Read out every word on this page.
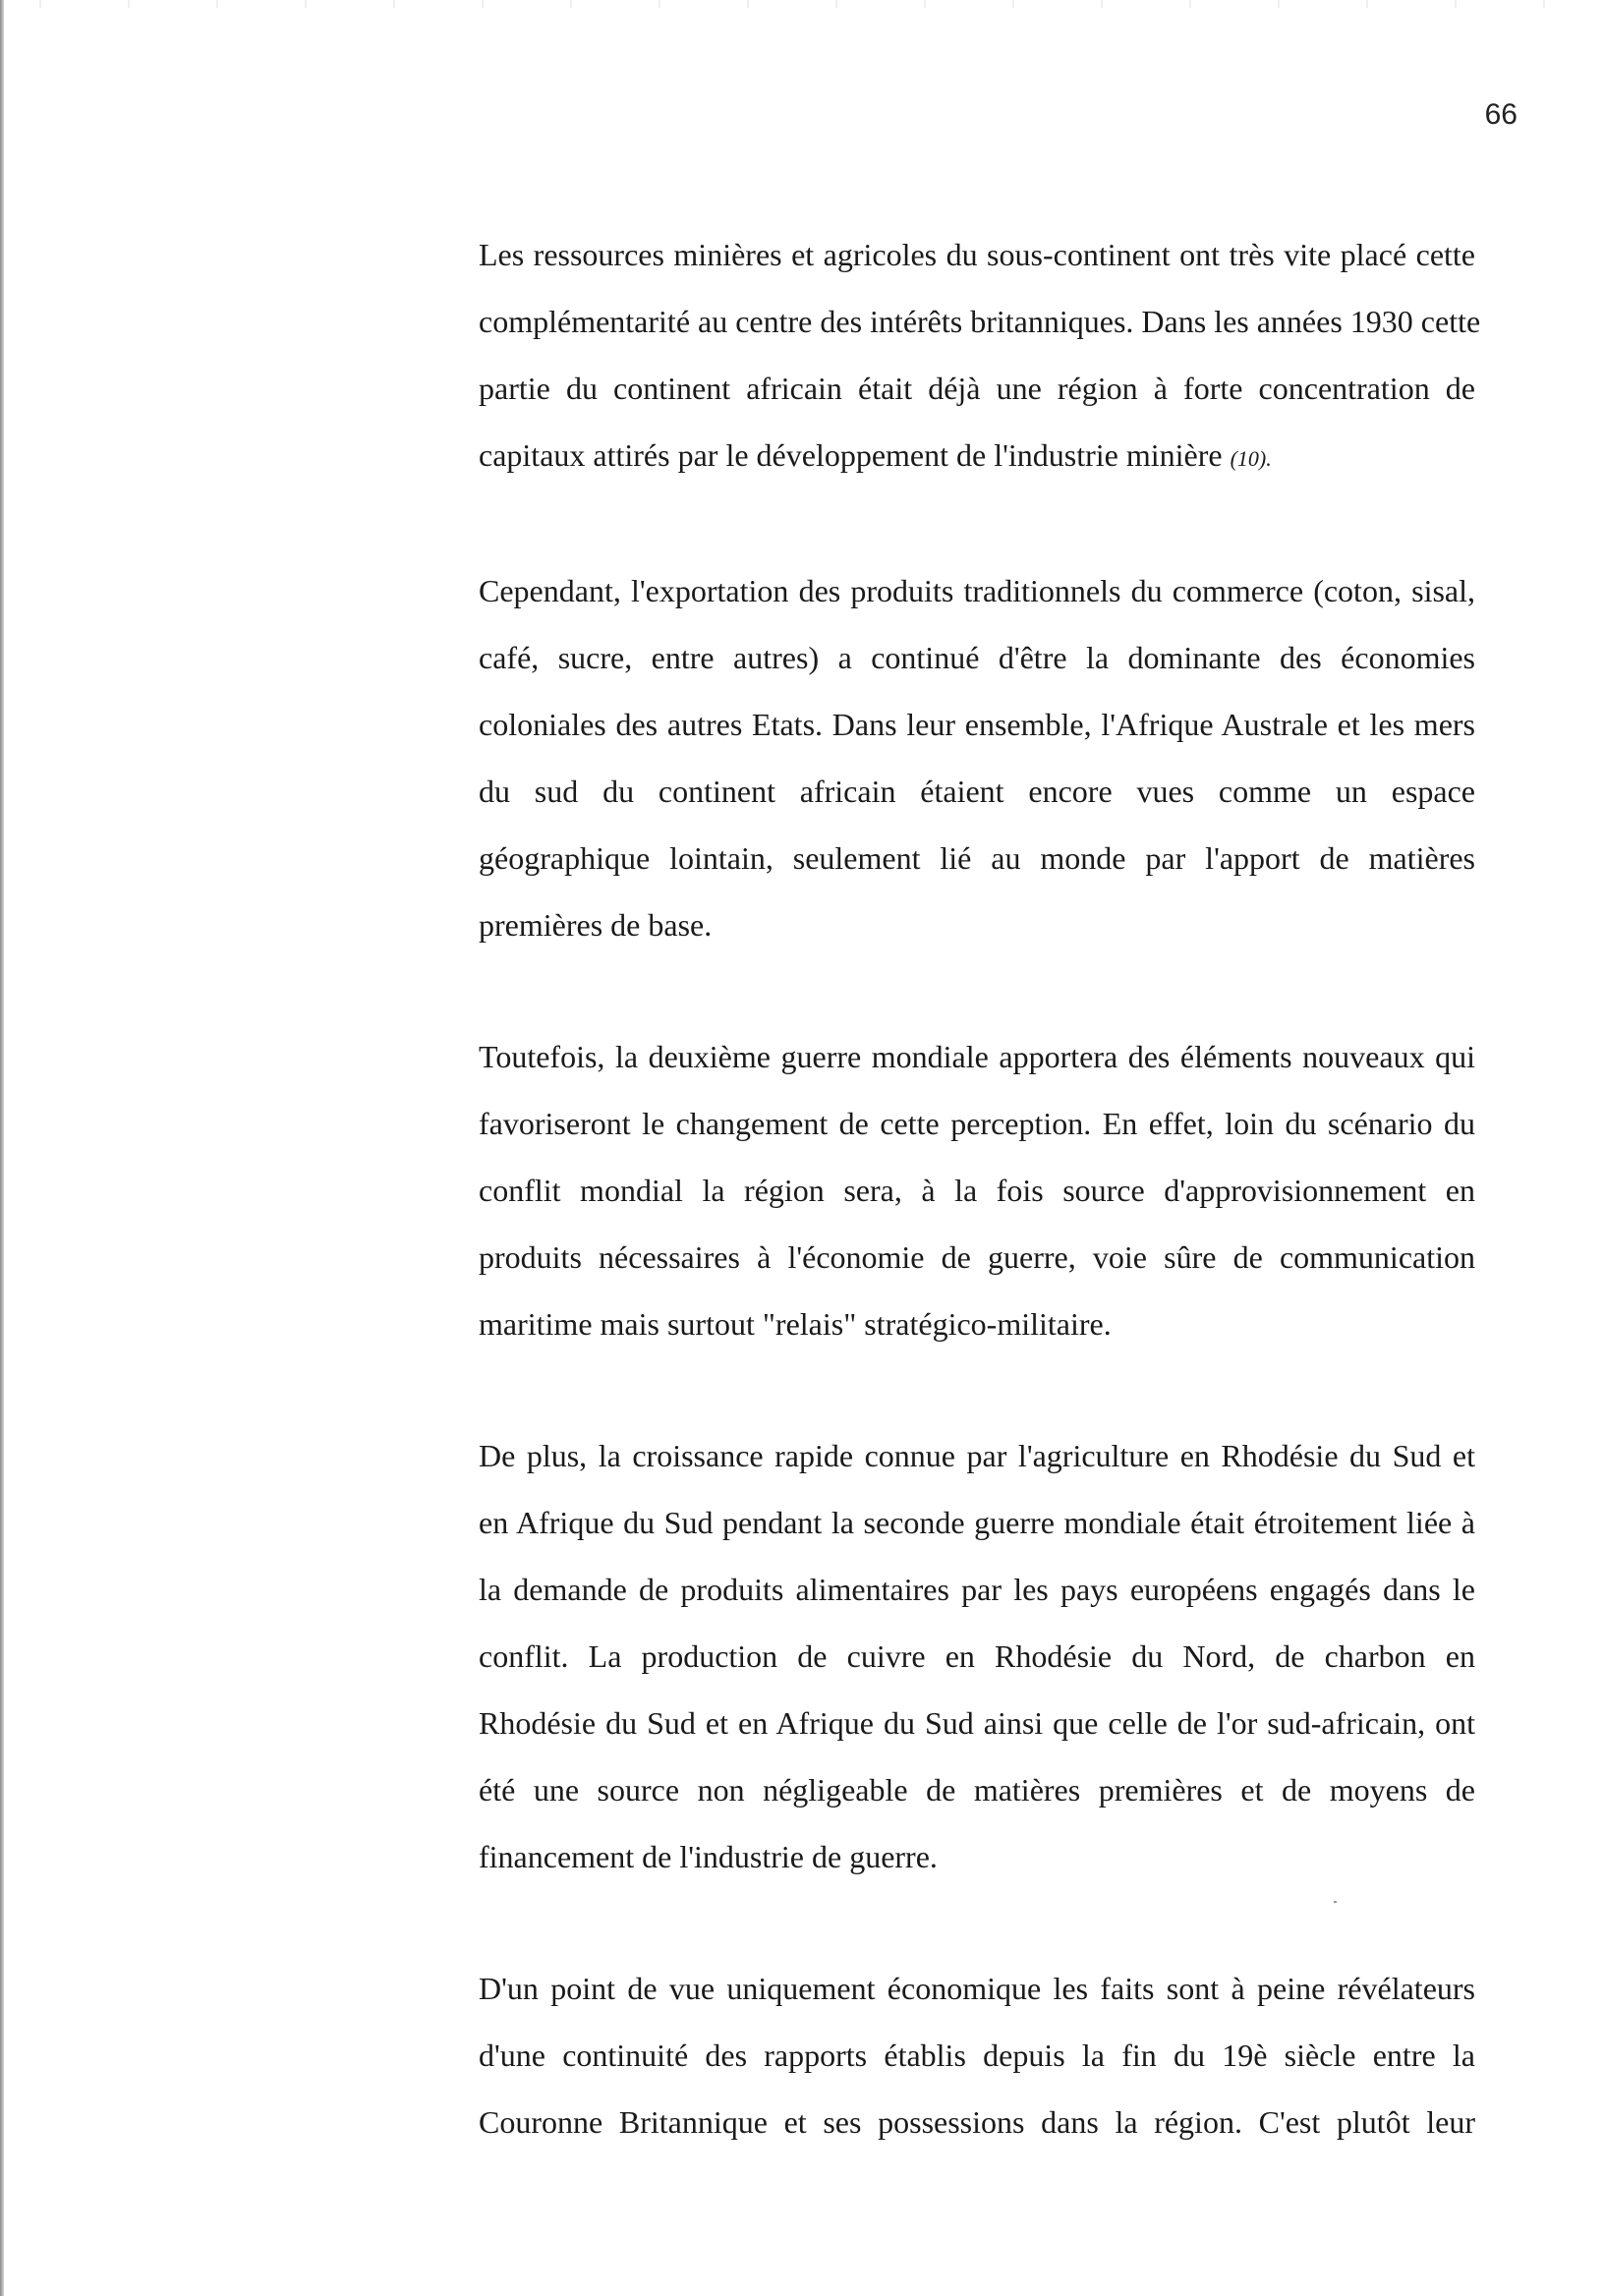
66

Les ressources minières et agricoles du sous-continent ont très vite placé cette
complémentarité au centre des intérêts britanniques. Dans les années 1930 cette
partie du continent africain était déjà une région à forte concentration de
capitaux attirés par le développement de l'industrie minière (10).

Cependant, l'exportation des produits traditionnels du commerce (coton, sisal,
café, sucre, entre autres) a continué d'être la dominante des économies
coloniales des autres Etats. Dans leur ensemble, l'Afrique Australe et les mers
du sud du continent africain étaient encore vues comme un espace
géographique lointain, seulement lié au monde par l'apport de matières
premières de base.

Toutefois, la deuxième guerre mondiale apportera des éléments nouveaux qui
favoriseront le changement de cette perception. En effet, loin du scénario du
conflit mondial la région sera, à la fois source d'approvisionnement en
produits nécessaires à l'économie de guerre, voie sûre de communication
maritime mais surtout "relais" stratégico-militaire.

De plus, la croissance rapide connue par l'agriculture en Rhodésie du Sud et
en Afrique du Sud pendant la seconde guerre mondiale était étroitement liée à
la demande de produits alimentaires par les pays européens engagés dans le
conflit. La production de cuivre en Rhodésie du Nord, de charbon en
Rhodésie du Sud et en Afrique du Sud ainsi que celle de l'or sud-africain, ont
été une source non négligeable de matières premières et de moyens de
financement de l'industrie de guerre.

D'un point de vue uniquement économique les faits sont à peine révélateurs
d'une continuité des rapports établis depuis la fin du 19è siècle entre la
Couronne Britannique et ses possessions dans la région. C'est plutôt leur
